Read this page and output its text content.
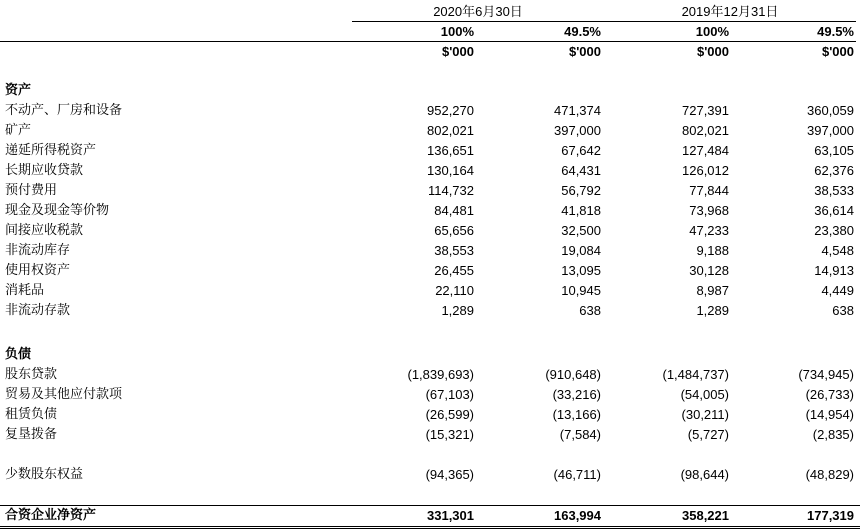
2020年6月30日	2019年12月31日
100%	49.5%	100%	49.5%
$'000	$'000	$'000	$'000
资产
不动产、厂房和设备	952,270	471,374	727,391	360,059
矿产	802,021	397,000	802,021	397,000
递延所得税资产	136,651	67,642	127,484	63,105
长期应收贷款	130,164	64,431	126,012	62,376
预付费用	114,732	56,792	77,844	38,533
现金及现金等价物	84,481	41,818	73,968	36,614
间接应收税款	65,656	32,500	47,233	23,380
非流动库存	38,553	19,084	9,188	4,548
使用权资产	26,455	13,095	30,128	14,913
消耗品	22,110	10,945	8,987	4,449
非流动存款	1,289	638	1,289	638
负债
股东贷款	(1,839,693)	(910,648)	(1,484,737)	(734,945)
贸易及其他应付款项	(67,103)	(33,216)	(54,005)	(26,733)
租赁负债	(26,599)	(13,166)	(30,211)	(14,954)
复垦拨备	(15,321)	(7,584)	(5,727)	(2,835)
少数股东权益	(94,365)	(46,711)	(98,644)	(48,829)
合资企业净资产	331,301	163,994	358,221	177,319
